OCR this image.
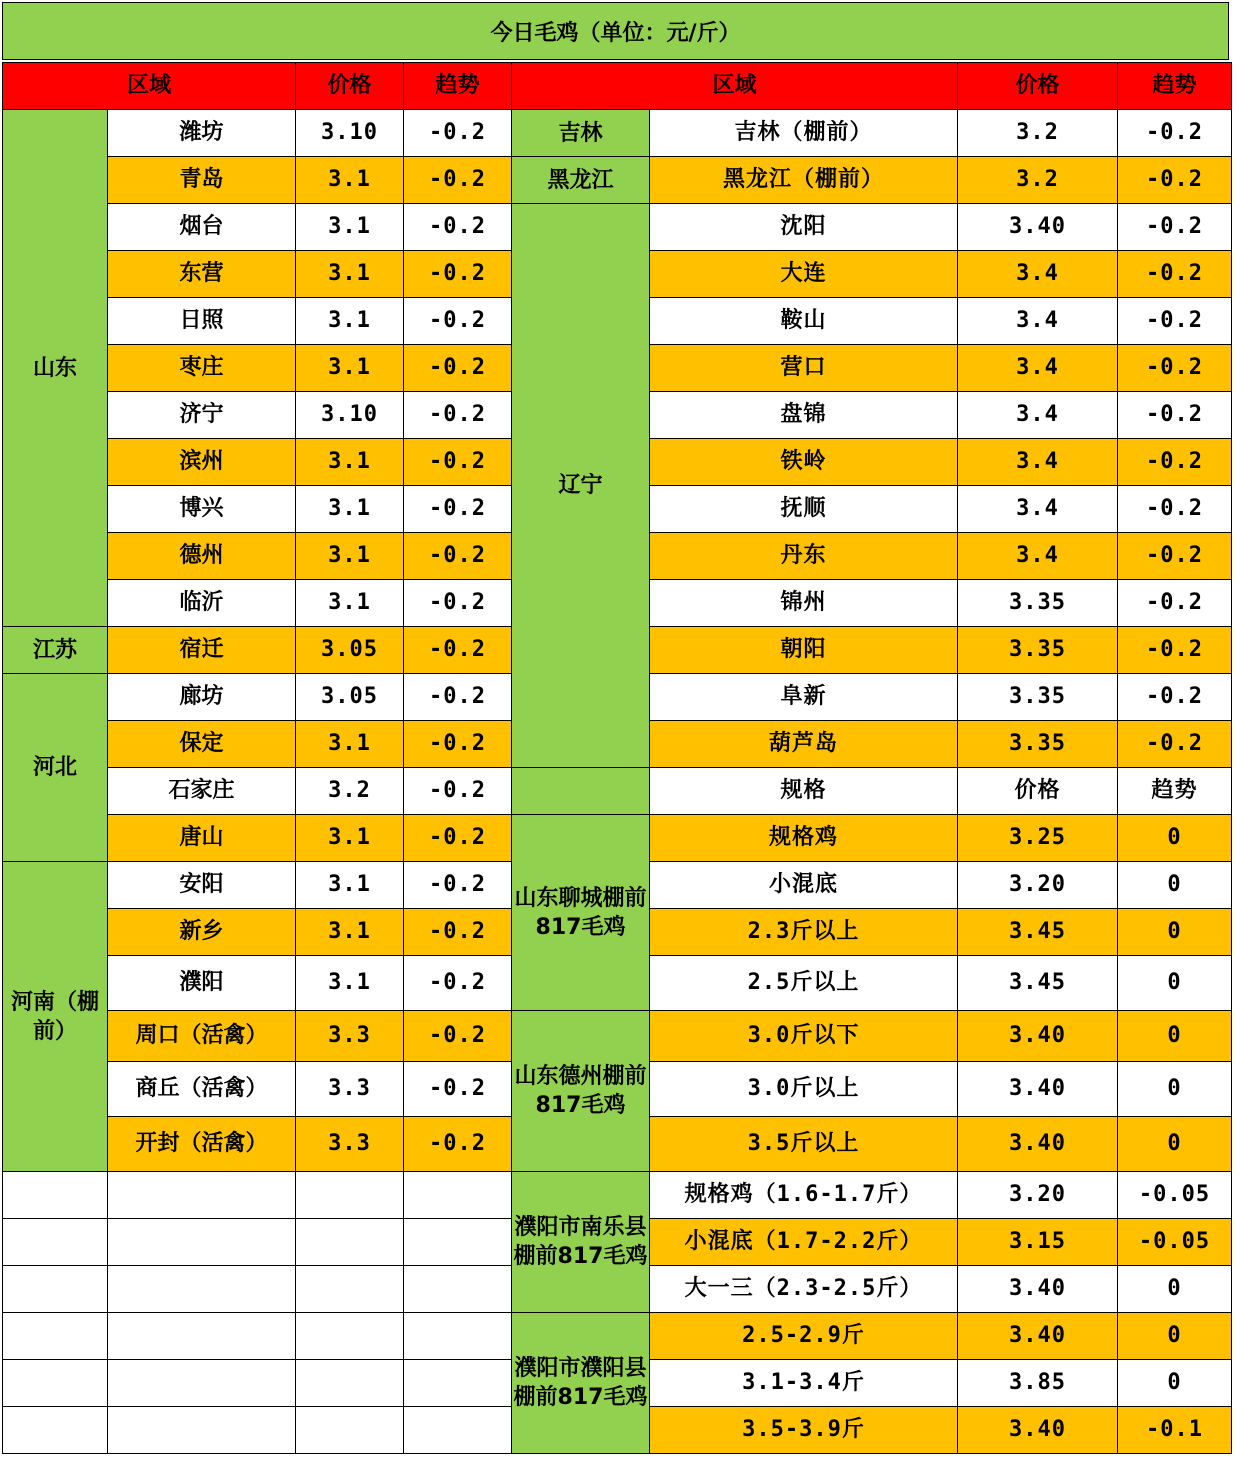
今日毛鸡（单位：元/斤）
区域		价格	趋势	区域		价格	趋势
山东	潍坊	3.10	-0.2	吉林	吉林（棚前）	3.2	-0.2
	青岛	3.1	-0.2	黑龙江	黑龙江（棚前）	3.2	-0.2
	烟台	3.1	-0.2	辽宁	沈阳	3.40	-0.2
	东营	3.1	-0.2		大连	3.4	-0.2
	日照	3.1	-0.2		鞍山	3.4	-0.2
	枣庄	3.1	-0.2		营口	3.4	-0.2
	济宁	3.10	-0.2		盘锦	3.4	-0.2
	滨州	3.1	-0.2		铁岭	3.4	-0.2
	博兴	3.1	-0.2		抚顺	3.4	-0.2
	德州	3.1	-0.2		丹东	3.4	-0.2
	临沂	3.1	-0.2		锦州	3.35	-0.2
江苏	宿迁	3.05	-0.2		朝阳	3.35	-0.2
河北	廊坊	3.05	-0.2		阜新	3.35	-0.2
	保定	3.1	-0.2		葫芦岛	3.35	-0.2
	石家庄	3.2	-0.2		规格	价格	趋势
	唐山	3.1	-0.2	山东聊城棚前817毛鸡	规格鸡	3.25	0
河南（棚前）	安阳	3.1	-0.2		小混底	3.20	0
	新乡	3.1	-0.2		2.3斤以上	3.45	0
	濮阳	3.1	-0.2		2.5斤以上	3.45	0
	周口（活禽）	3.3	-0.2	山东德州棚前817毛鸡	3.0斤以下	3.40	0
	商丘（活禽）	3.3	-0.2		3.0斤以上	3.40	0
	开封（活禽）	3.3	-0.2		3.5斤以上	3.40	0
				濮阳市南乐县棚前817毛鸡	规格鸡（1.6-1.7斤）	3.20	-0.05
					小混底（1.7-2.2斤）	3.15	-0.05
					大一三（2.3-2.5斤）	3.40	0
				濮阳市濮阳县棚前817毛鸡	2.5-2.9斤	3.40	0
					3.1-3.4斤	3.85	0
					3.5-3.9斤	3.40	-0.1
